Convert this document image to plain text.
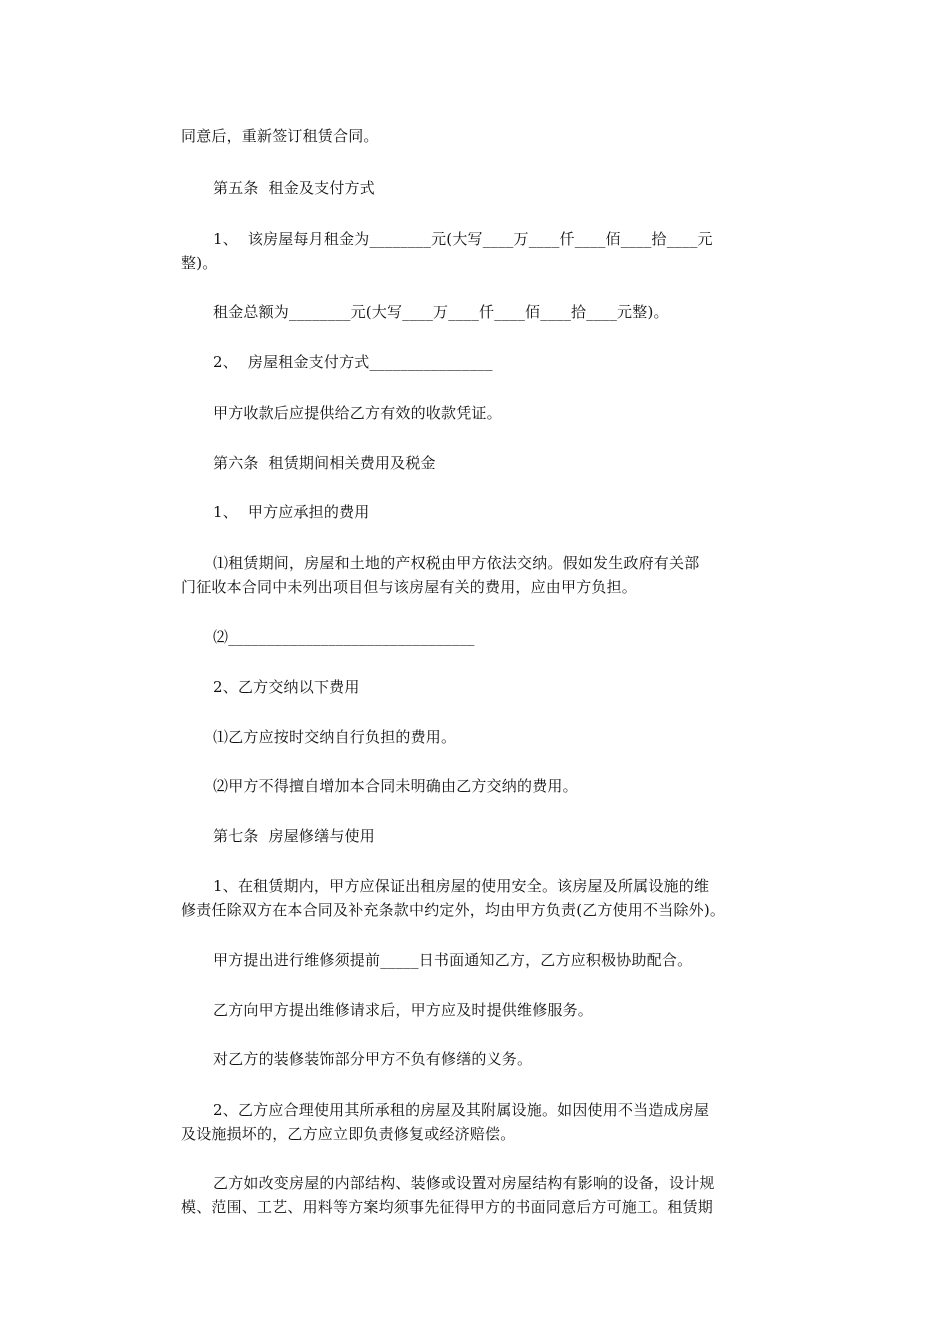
同意后，重新签订租赁合同。

第五条  租金及支付方式

1、  该房屋每月租金为________元(大写____万____仟____佰____拾____元

整)。

租金总额为________元(大写____万____仟____佰____拾____元整)。

2、  房屋租金支付方式________________

甲方收款后应提供给乙方有效的收款凭证。

第六条  租赁期间相关费用及税金

1、  甲方应承担的费用

⑴租赁期间，房屋和土地的产权税由甲方依法交纳。假如发生政府有关部

门征收本合同中未列出项目但与该房屋有关的费用，应由甲方负担。

⑵________________________________

2、乙方交纳以下费用

⑴乙方应按时交纳自行负担的费用。

⑵甲方不得擅自增加本合同未明确由乙方交纳的费用。

第七条  房屋修缮与使用

1、在租赁期内，甲方应保证出租房屋的使用安全。该房屋及所属设施的维

修责任除双方在本合同及补充条款中约定外，均由甲方负责(乙方使用不当除外)。

甲方提出进行维修须提前_____日书面通知乙方，乙方应积极协助配合。

乙方向甲方提出维修请求后，甲方应及时提供维修服务。

对乙方的装修装饰部分甲方不负有修缮的义务。

2、乙方应合理使用其所承租的房屋及其附属设施。如因使用不当造成房屋

及设施损坏的，乙方应立即负责修复或经济赔偿。

乙方如改变房屋的内部结构、装修或设置对房屋结构有影响的设备，设计规

模、范围、工艺、用料等方案均须事先征得甲方的书面同意后方可施工。租赁期
